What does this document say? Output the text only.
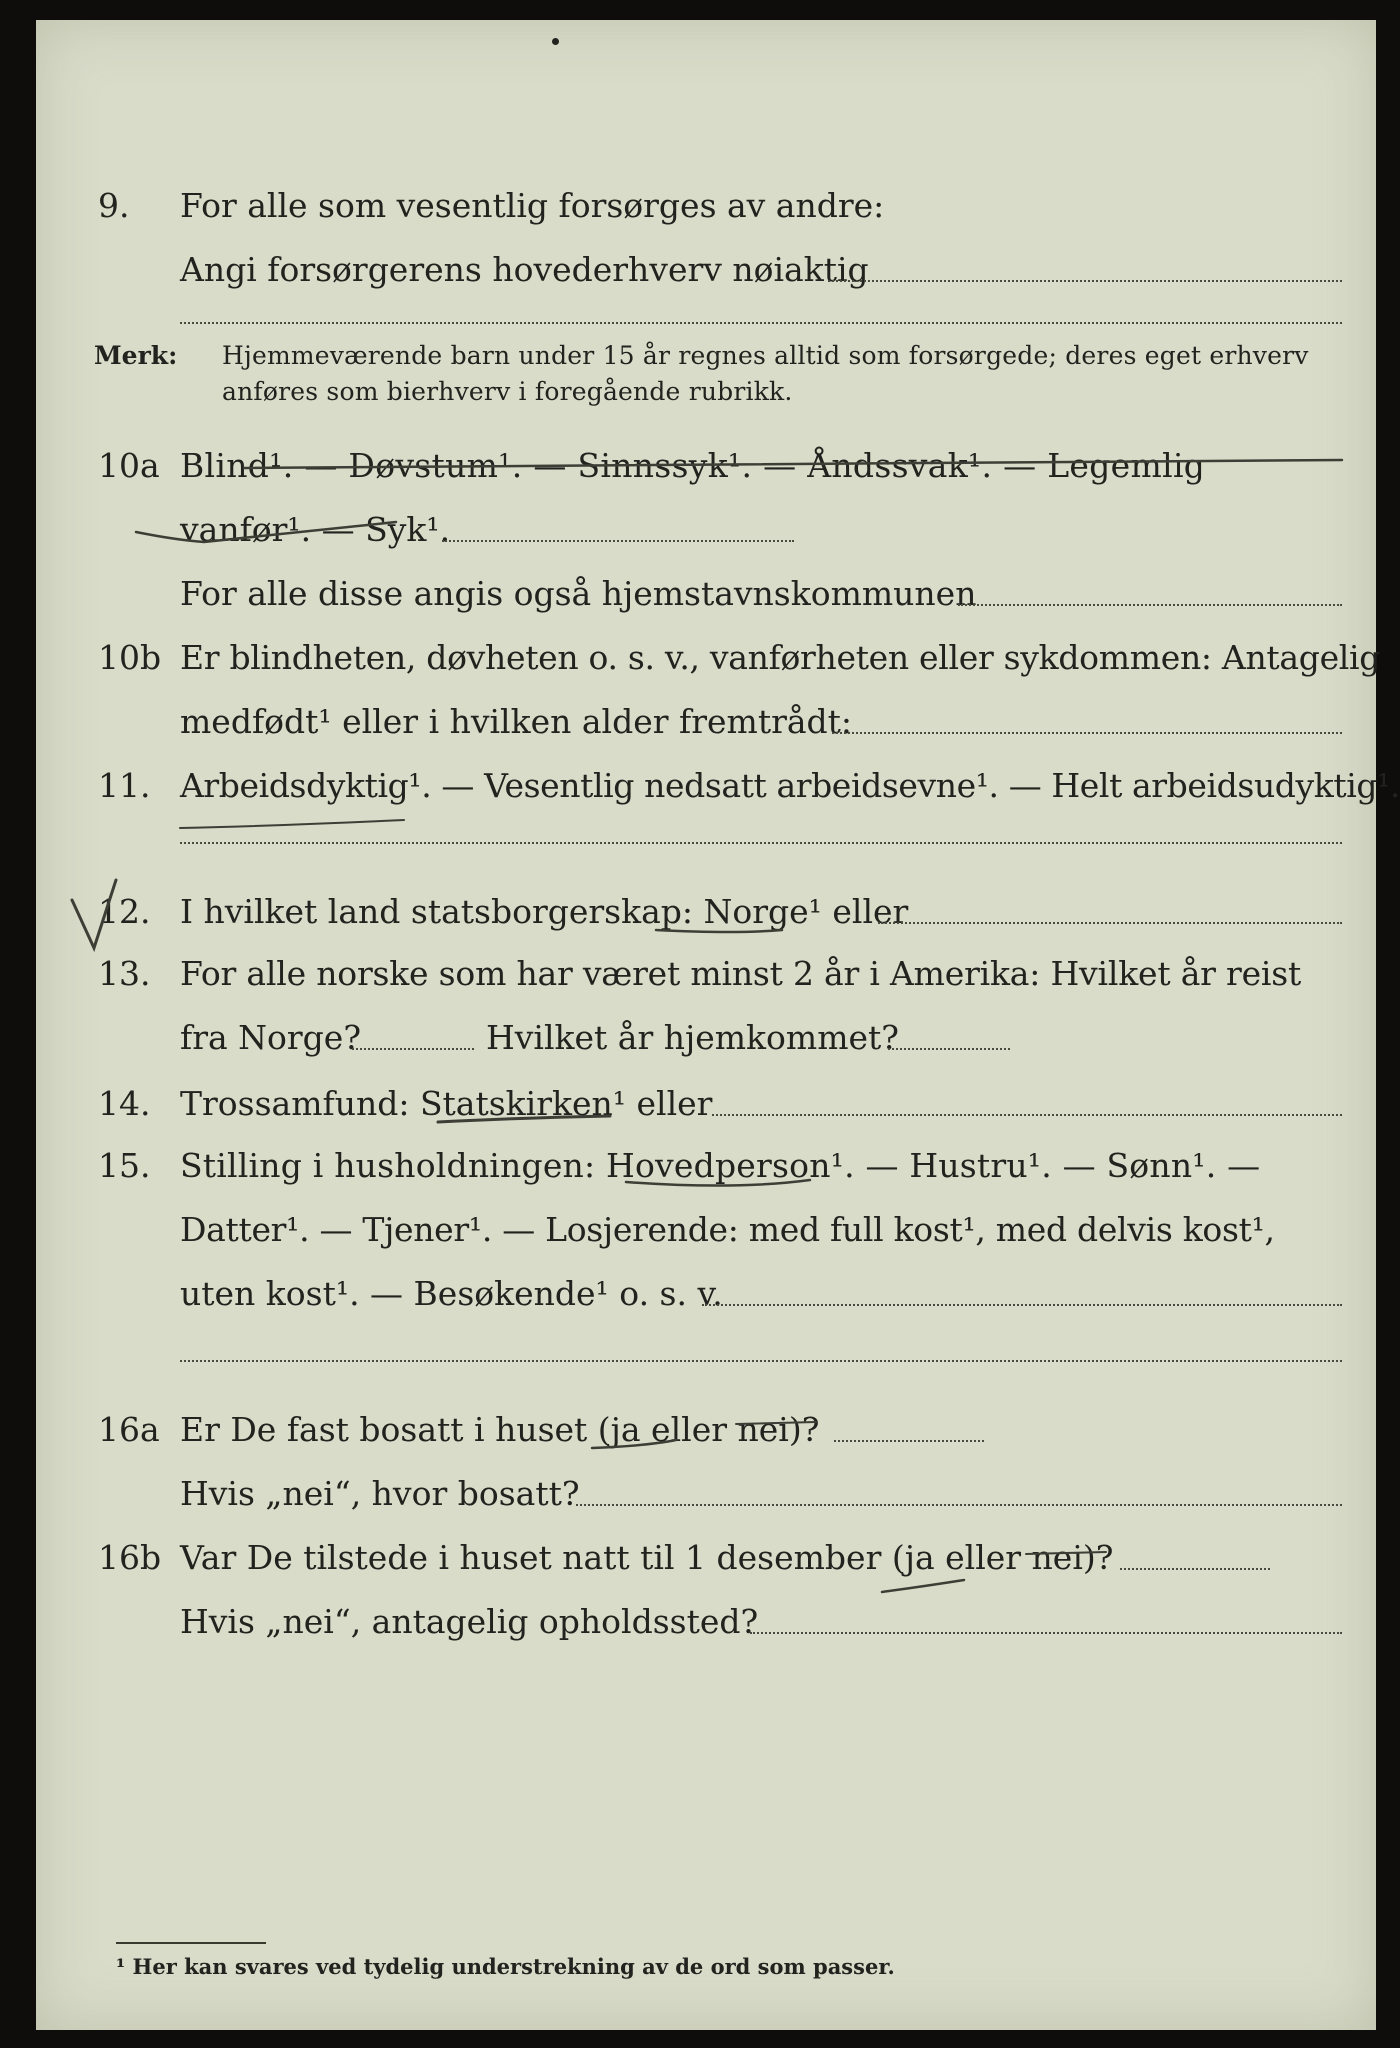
9. For alle som vesentlig forsørges av andre:
Angi forsørgerens hovederhverv nøiaktig
Merk: Hjemmeværende barn under 15 år regnes alltid som forsørgede; deres eget erhverv anføres som bierhverv i foregående rubrikk.
10a Blind¹. — Døvstum¹. — Sinnssyk¹. — Åndssvak¹. — Legemlig
vanfør¹. — Syk¹.
For alle disse angis også hjemstavnskommunen
10b Er blindheten, døvheten o. s. v., vanførheten eller sykdommen: Antagelig
medfødt¹ eller i hvilken alder fremtrådt:
11. Arbeidsdyktig¹. — Vesentlig nedsatt arbeidsevne¹. — Helt arbeidsudyktig¹.
12. I hvilket land statsborgerskap: Norge¹ eller
13. For alle norske som har været minst 2 år i Amerika: Hvilket år reist
fra Norge?	Hvilket år hjemkommet?
14. Trossamfund: Statskirken¹ eller
15. Stilling i husholdningen: Hovedperson¹. — Hustru¹. — Sønn¹. —
Datter¹. — Tjener¹. — Losjerende: med full kost¹, med delvis kost¹,
uten kost¹. — Besøkende¹ o. s. v.
16a Er De fast bosatt i huset (ja eller nei)?
Hvis „nei“, hvor bosatt?
16b Var De tilstede i huset natt til 1 desember (ja eller nei)?
Hvis „nei“, antagelig opholdssted?
¹ Her kan svares ved tydelig understrekning av de ord som passer.
